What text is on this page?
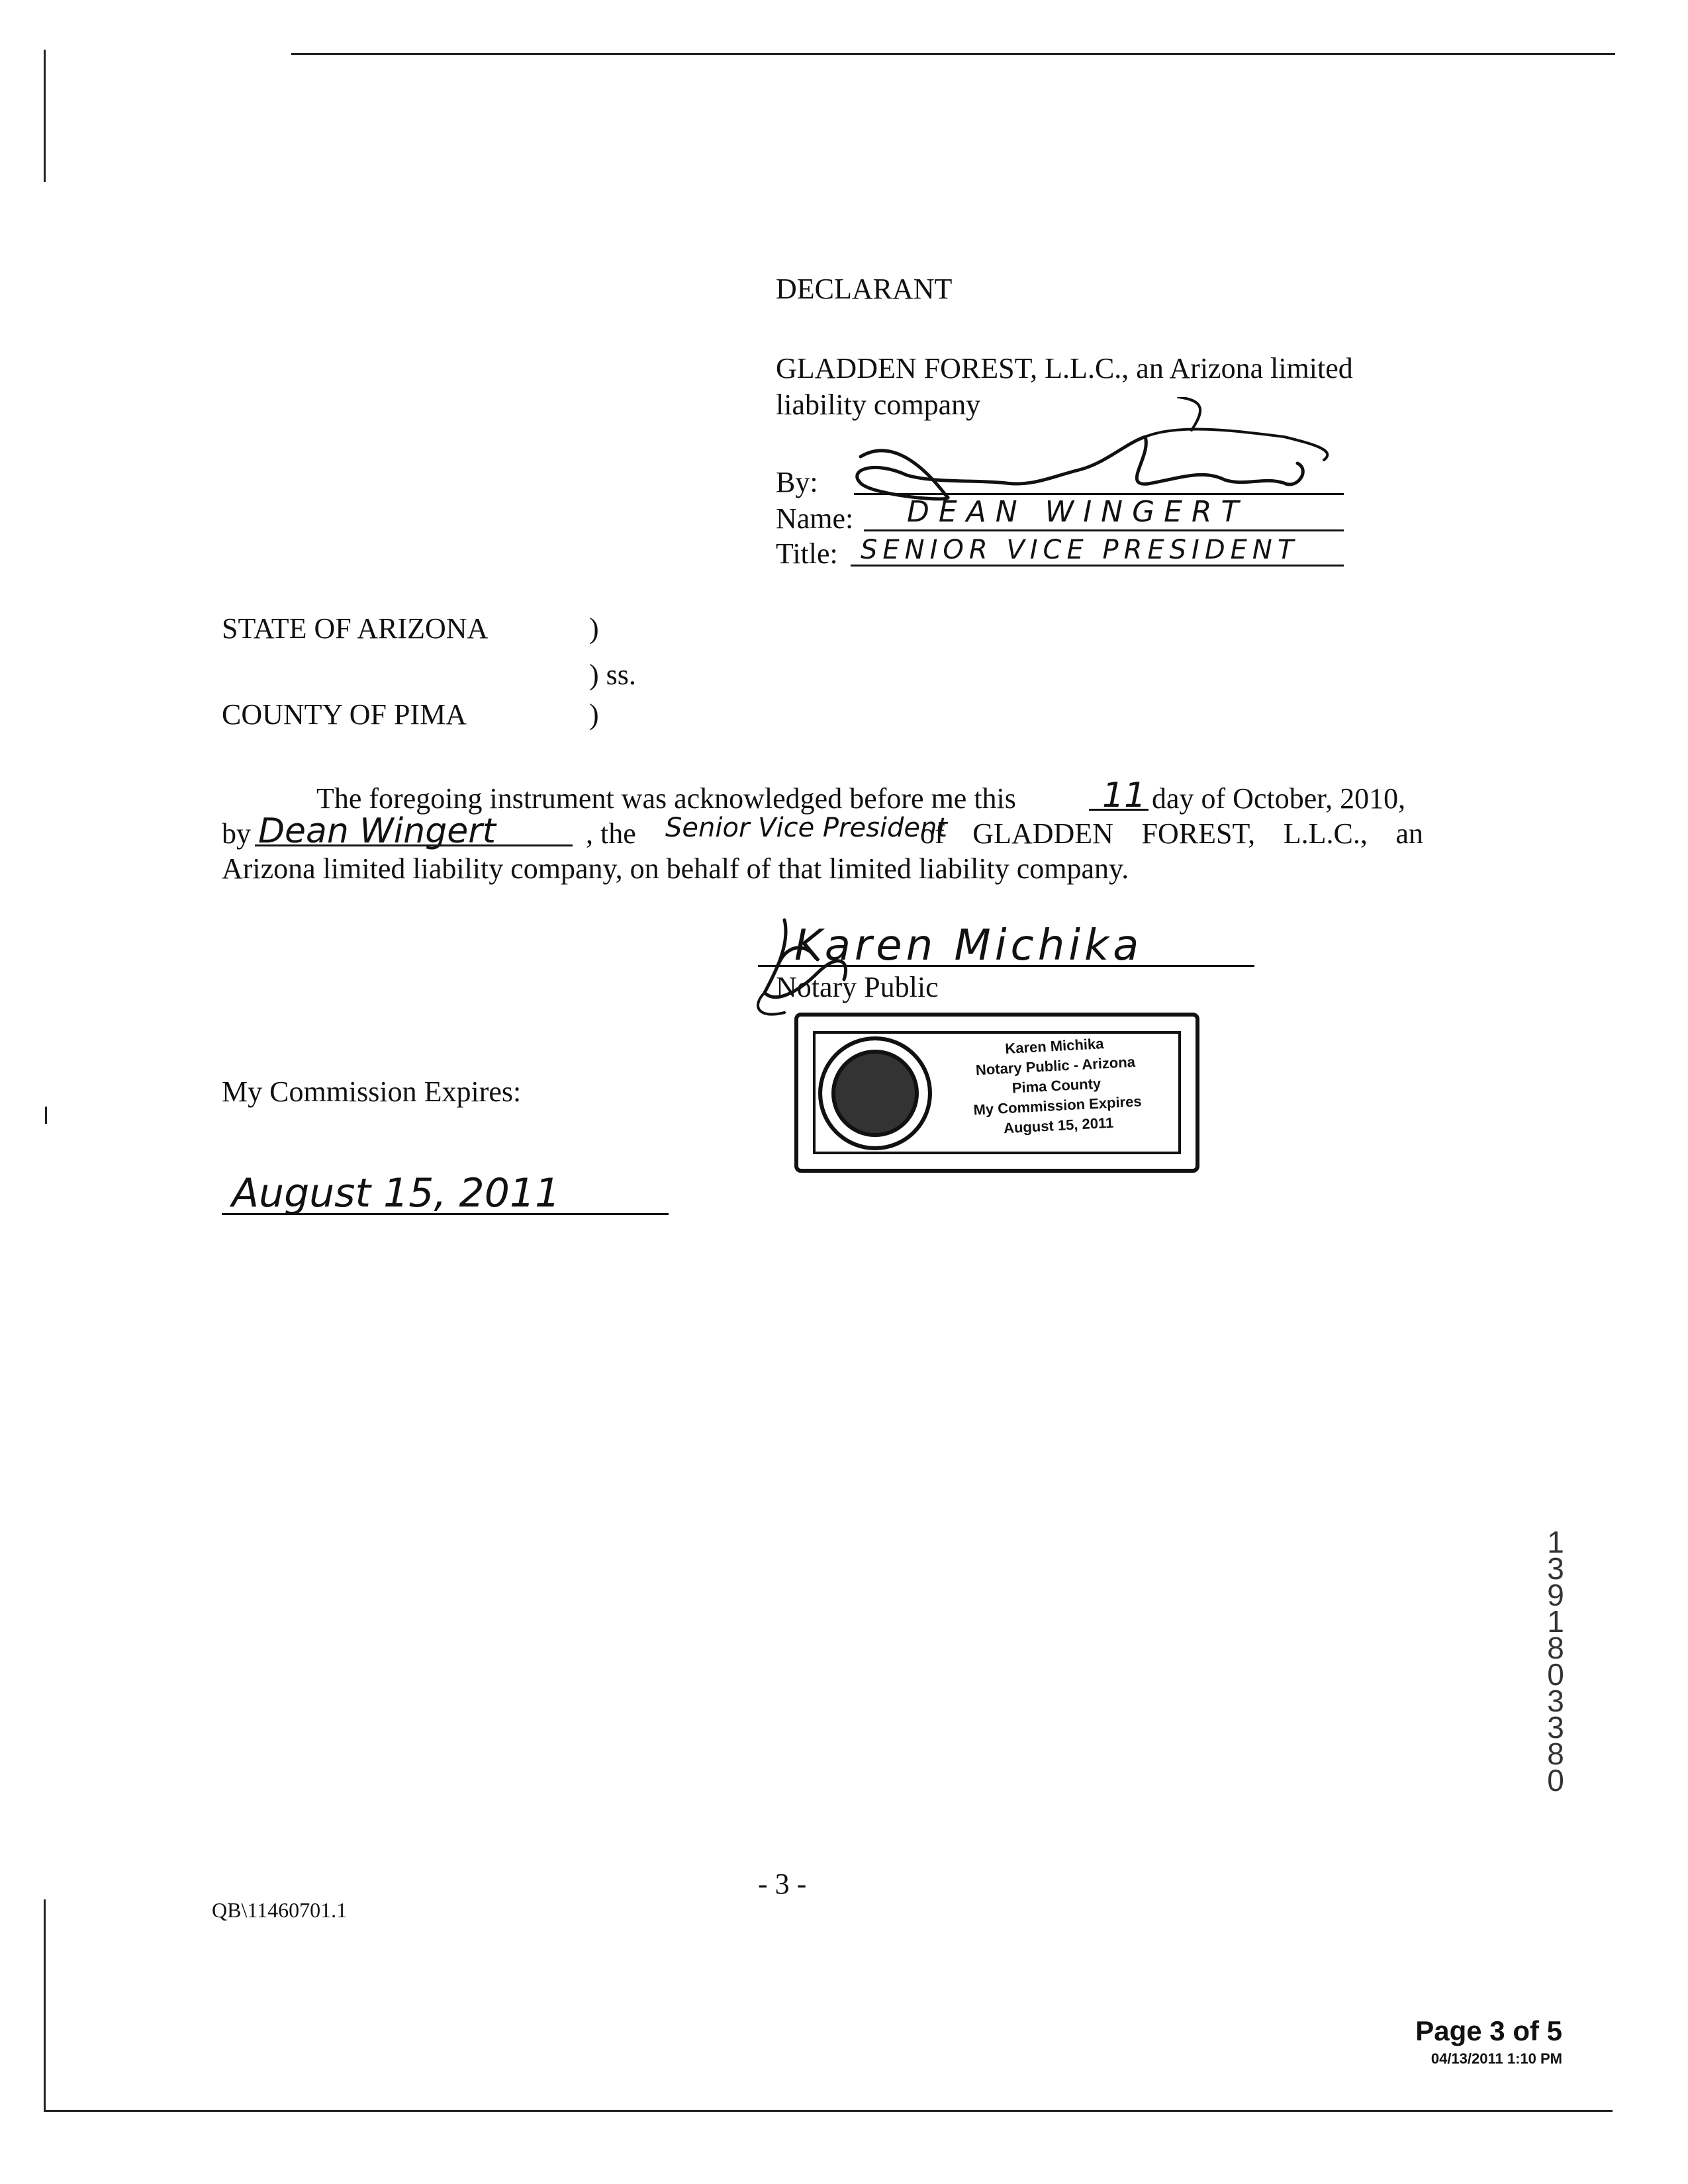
DECLARANT
GLADDEN FOREST, L.L.C., an Arizona limited
liability company
By:
Name: DEAN WINGERT
Title: SENIOR VICE PRESIDENT
STATE OF ARIZONA	)
) ss.
COUNTY OF PIMA	)
The foregoing instrument was acknowledged before me this	11 day of October, 2010,
by Dean Wingert	, the Senior Vice President
of GLADDEN FOREST, L.L.C., an
Arizona limited liability company, on behalf of that limited liability company.
Karen Michika
Notary Public
Karen Michika
Notary Public - Arizona
Pima County
My Commission Expires
August 15, 2011
My Commission Expires:
August 15, 2011
13918 03380
- 3 -
QB\11460701.1
Page 3 of 5
04/13/2011 1:10 PM
